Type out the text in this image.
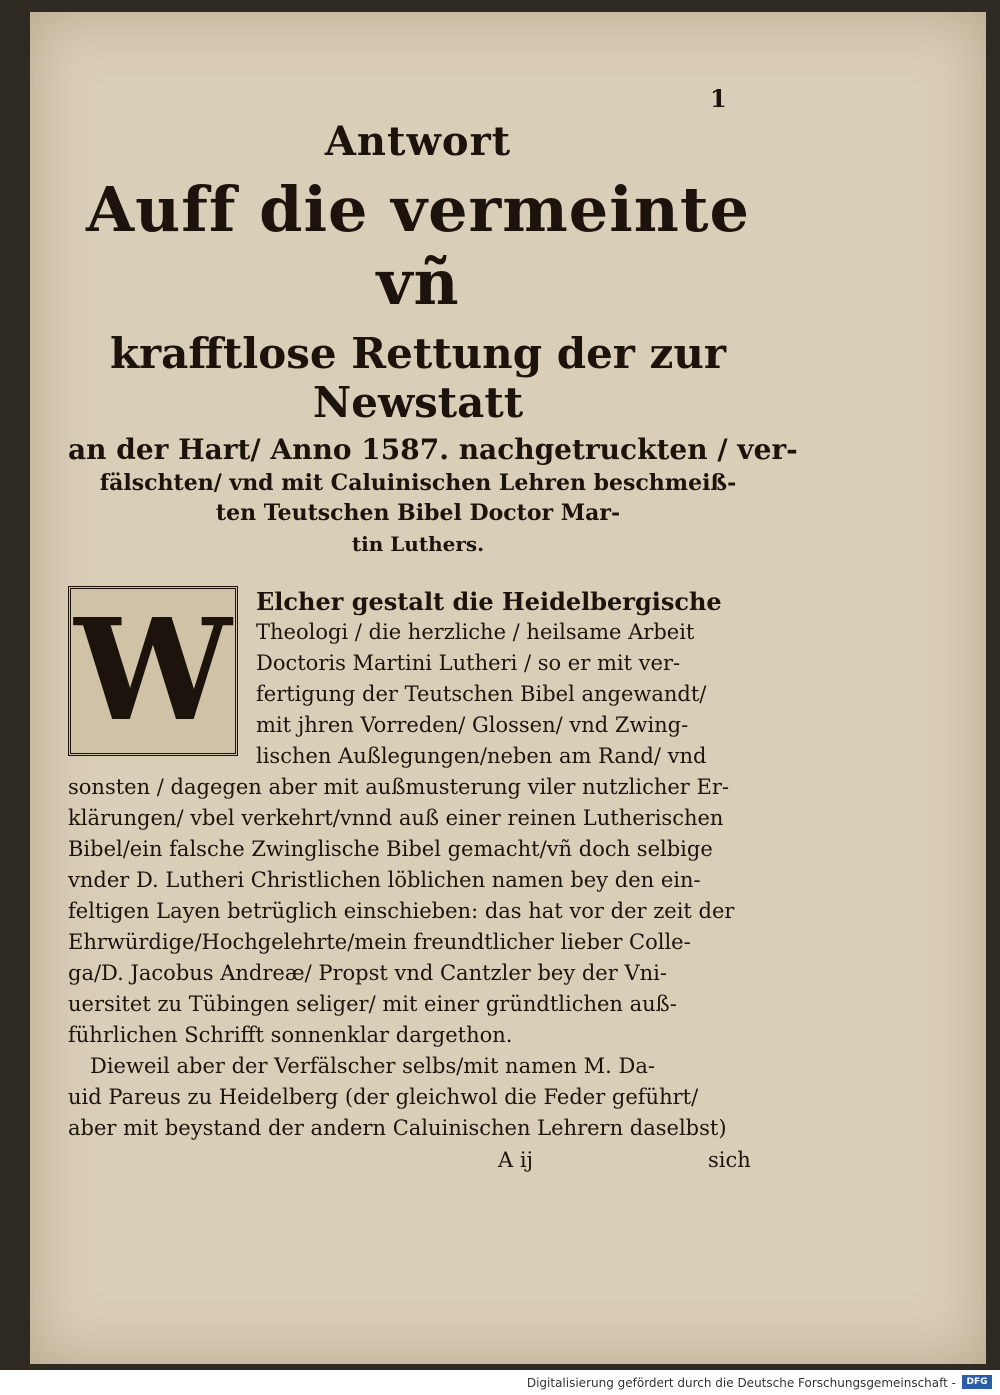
1
Antwort
Auff die vermeinte vñ
krafftlose Rettung der zur Newstatt
an der Hart/ Anno 1587. nachgetruckten / ver-
fälschten/ vnd mit Caluinischen Lehren beschmeiß-
ten Teutschen Bibel Doctor Mar-
tin Luthers.
W	Elcher gestalt die Heidelbergische
Theologi / die herzliche / heilsame Arbeit
Doctoris Martini Lutheri / so er mit ver-
fertigung der Teutschen Bibel angewandt/
mit jhren Vorreden/ Glossen/ vnd Zwing-
lischen Außlegungen/neben am Rand/ vnd
sonsten / dagegen aber mit außmusterung viler nutzlicher Er-
klärungen/ vbel verkehrt/vnnd auß einer reinen Lutherischen
Bibel/ein falsche Zwinglische Bibel gemacht/vñ doch selbige
vnder D. Lutheri Christlichen löblichen namen bey den ein-
feltigen Layen betrüglich einschieben: das hat vor der zeit der
Ehrwürdige/Hochgelehrte/mein freundtlicher lieber Colle-
ga/D. Jacobus Andreæ/ Propst vnd Cantzler bey der Vni-
uersitet zu Tübingen seliger/ mit einer gründtlichen auß-
führlichen Schrifft sonnenklar dargethon.
Dieweil aber der Verfälscher selbs/mit namen M. Da-
uid Pareus zu Heidelberg (der gleichwol die Feder geführt/
aber mit beystand der andern Caluinischen Lehrern daselbst)
A ij	sich
Digitalisierung gefördert durch die Deutsche Forschungsgemeinschaft -	DFG
